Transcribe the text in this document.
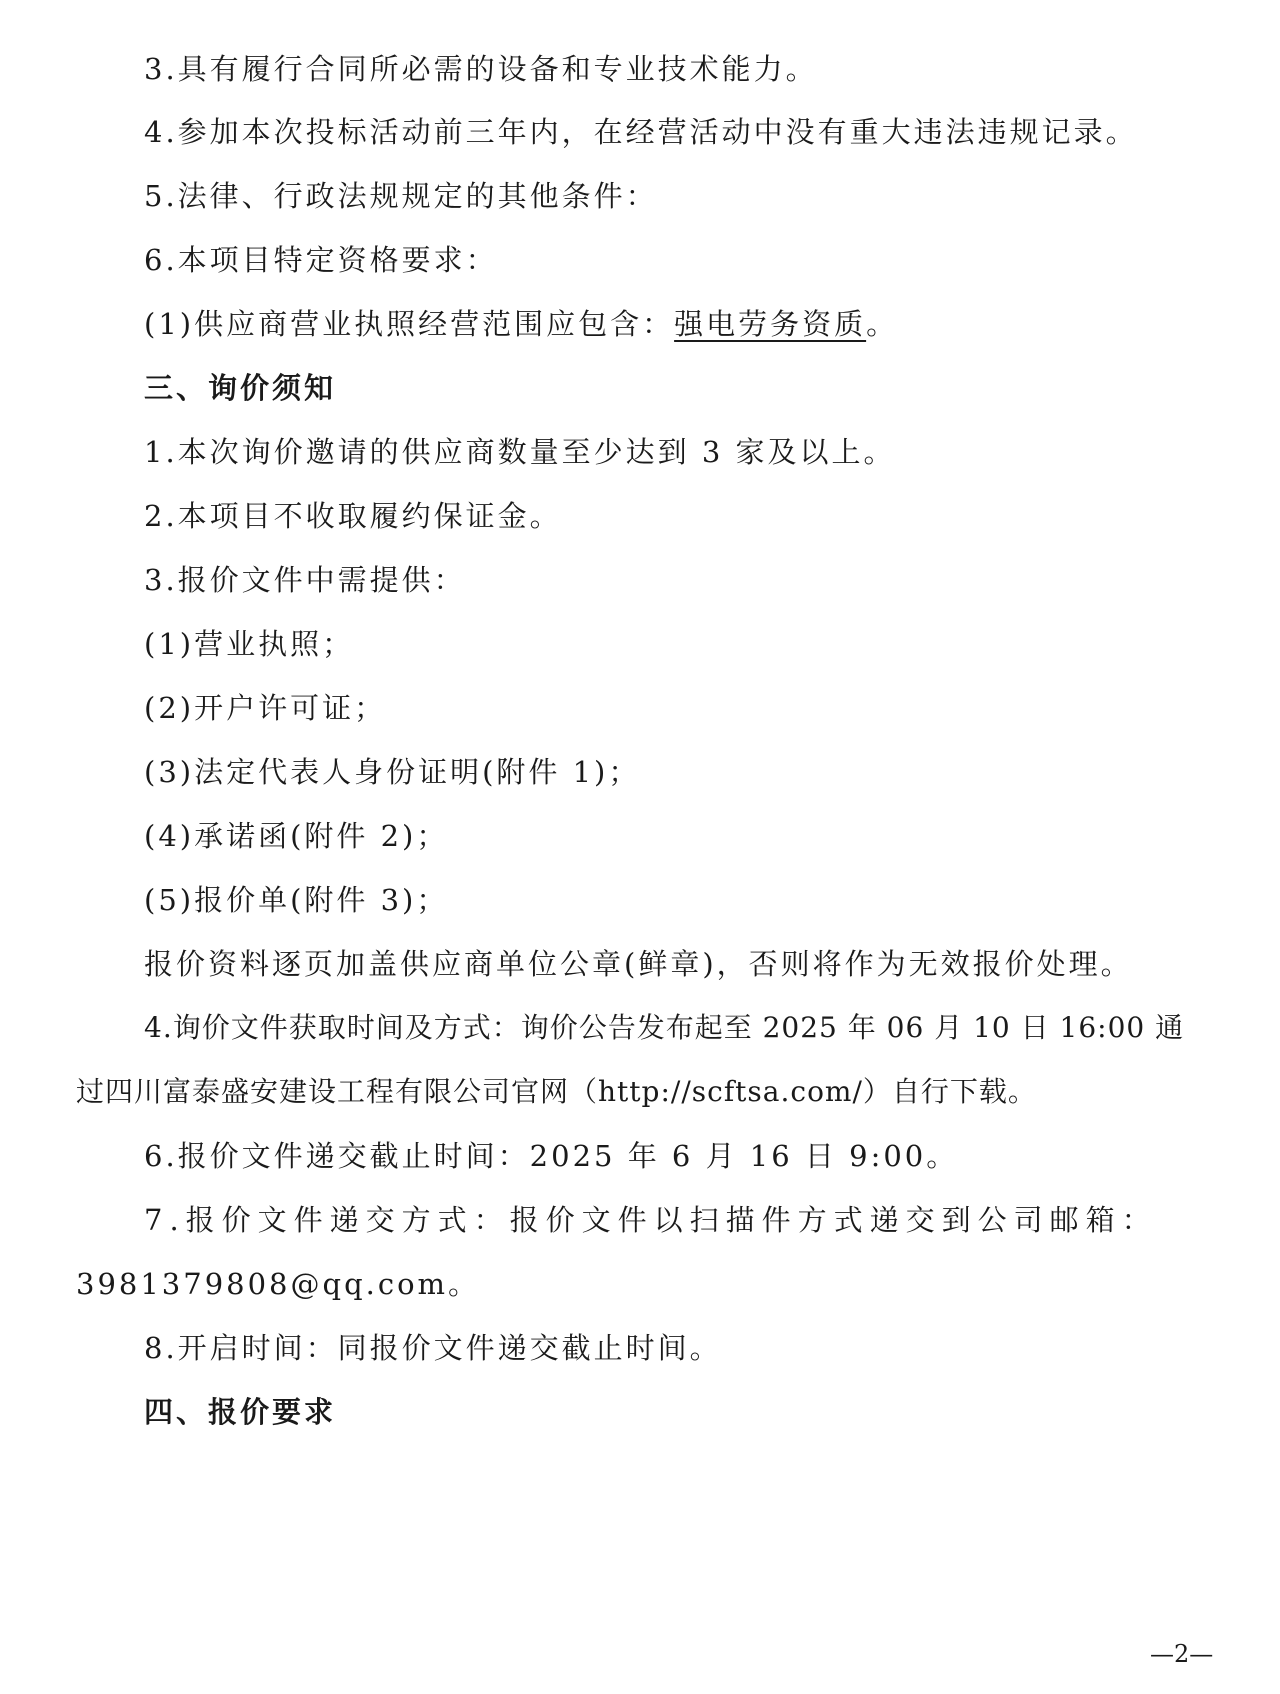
3.具有履行合同所必需的设备和专业技术能力。
4.参加本次投标活动前三年内，在经营活动中没有重大违法违规记录。
5.法律、行政法规规定的其他条件：
6.本项目特定资格要求：
(1)供应商营业执照经营范围应包含：强电劳务资质。
三、询价须知
1.本次询价邀请的供应商数量至少达到 3 家及以上。
2.本项目不收取履约保证金。
3.报价文件中需提供：
(1)营业执照；
(2)开户许可证；
(3)法定代表人身份证明(附件 1)；
(4)承诺函(附件 2)；
(5)报价单(附件 3)；
报价资料逐页加盖供应商单位公章(鲜章)，否则将作为无效报价处理。
4.询价文件获取时间及方式：询价公告发布起至 2025 年 06 月 10 日 16:00 通
过四川富泰盛安建设工程有限公司官网（http://scftsa.com/）自行下载。
6.报价文件递交截止时间：2025 年 6 月 16 日 9:00。
7.报价文件递交方式：报价文件以扫描件方式递交到公司邮箱：
3981379808@qq.com。
8.开启时间：同报价文件递交截止时间。
四、报价要求
—2—
